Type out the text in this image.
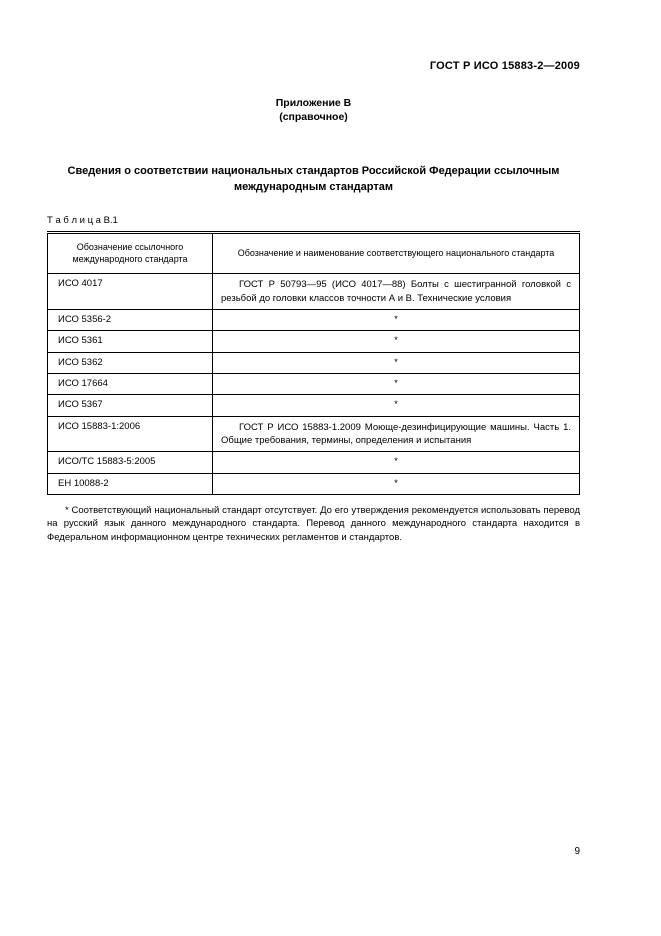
ГОСТ Р ИСО 15883-2—2009
Приложение В
(справочное)
Сведения о соответствии национальных стандартов Российской Федерации ссылочным международным стандартам
Т а б л и ц а В.1
Обозначение ссылочного международного стандарта	Обозначение и наименование соответствующего национального стандарта
ИСО 4017	ГОСТ Р 50793—95 (ИСО 4017—88) Болты с шестигранной головкой с резьбой до головки классов точности А и В. Технические условия
ИСО 5356-2	*
ИСО 5361	*
ИСО 5362	*
ИСО 17664	*
ИСО 5367	*
ИСО 15883-1:2006	ГОСТ Р ИСО 15883-1.2009 Моюще-дезинфицирующие машины. Часть 1. Общие требования, термины, определения и испытания
ИСО/ТС 15883-5:2005	*
ЕН 10088-2	*

* Соответствующий национальный стандарт отсутствует. До его утверждения рекомендуется использовать перевод на русский язык данного международного стандарта. Перевод данного международного стандарта находится в Федеральном информационном центре технических регламентов и стандартов.

9
